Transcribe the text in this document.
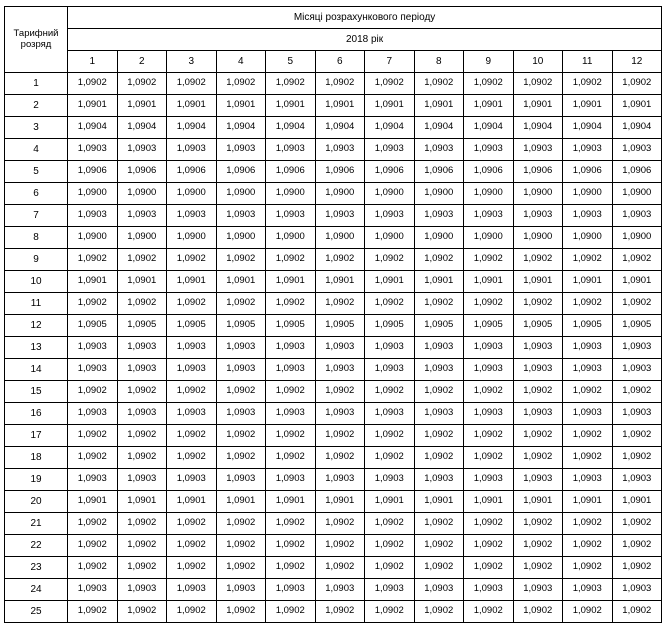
Тарифний
розряд	Місяці розрахункового періоду											
	2018 рік											
	1	2	3	4	5	6	7	8	9	10	11	12
1	1,0902	1,0902	1,0902	1,0902	1,0902	1,0902	1,0902	1,0902	1,0902	1,0902	1,0902	1,0902
2	1,0901	1,0901	1,0901	1,0901	1,0901	1,0901	1,0901	1,0901	1,0901	1,0901	1,0901	1,0901
3	1,0904	1,0904	1,0904	1,0904	1,0904	1,0904	1,0904	1,0904	1,0904	1,0904	1,0904	1,0904
4	1,0903	1,0903	1,0903	1,0903	1,0903	1,0903	1,0903	1,0903	1,0903	1,0903	1,0903	1,0903
5	1,0906	1,0906	1,0906	1,0906	1,0906	1,0906	1,0906	1,0906	1,0906	1,0906	1,0906	1,0906
6	1,0900	1,0900	1,0900	1,0900	1,0900	1,0900	1,0900	1,0900	1,0900	1,0900	1,0900	1,0900
7	1,0903	1,0903	1,0903	1,0903	1,0903	1,0903	1,0903	1,0903	1,0903	1,0903	1,0903	1,0903
8	1,0900	1,0900	1,0900	1,0900	1,0900	1,0900	1,0900	1,0900	1,0900	1,0900	1,0900	1,0900
9	1,0902	1,0902	1,0902	1,0902	1,0902	1,0902	1,0902	1,0902	1,0902	1,0902	1,0902	1,0902
10	1,0901	1,0901	1,0901	1,0901	1,0901	1,0901	1,0901	1,0901	1,0901	1,0901	1,0901	1,0901
11	1,0902	1,0902	1,0902	1,0902	1,0902	1,0902	1,0902	1,0902	1,0902	1,0902	1,0902	1,0902
12	1,0905	1,0905	1,0905	1,0905	1,0905	1,0905	1,0905	1,0905	1,0905	1,0905	1,0905	1,0905
13	1,0903	1,0903	1,0903	1,0903	1,0903	1,0903	1,0903	1,0903	1,0903	1,0903	1,0903	1,0903
14	1,0903	1,0903	1,0903	1,0903	1,0903	1,0903	1,0903	1,0903	1,0903	1,0903	1,0903	1,0903
15	1,0902	1,0902	1,0902	1,0902	1,0902	1,0902	1,0902	1,0902	1,0902	1,0902	1,0902	1,0902
16	1,0903	1,0903	1,0903	1,0903	1,0903	1,0903	1,0903	1,0903	1,0903	1,0903	1,0903	1,0903
17	1,0902	1,0902	1,0902	1,0902	1,0902	1,0902	1,0902	1,0902	1,0902	1,0902	1,0902	1,0902
18	1,0902	1,0902	1,0902	1,0902	1,0902	1,0902	1,0902	1,0902	1,0902	1,0902	1,0902	1,0902
19	1,0903	1,0903	1,0903	1,0903	1,0903	1,0903	1,0903	1,0903	1,0903	1,0903	1,0903	1,0903
20	1,0901	1,0901	1,0901	1,0901	1,0901	1,0901	1,0901	1,0901	1,0901	1,0901	1,0901	1,0901
21	1,0902	1,0902	1,0902	1,0902	1,0902	1,0902	1,0902	1,0902	1,0902	1,0902	1,0902	1,0902
22	1,0902	1,0902	1,0902	1,0902	1,0902	1,0902	1,0902	1,0902	1,0902	1,0902	1,0902	1,0902
23	1,0902	1,0902	1,0902	1,0902	1,0902	1,0902	1,0902	1,0902	1,0902	1,0902	1,0902	1,0902
24	1,0903	1,0903	1,0903	1,0903	1,0903	1,0903	1,0903	1,0903	1,0903	1,0903	1,0903	1,0903
25	1,0902	1,0902	1,0902	1,0902	1,0902	1,0902	1,0902	1,0902	1,0902	1,0902	1,0902	1,0902
